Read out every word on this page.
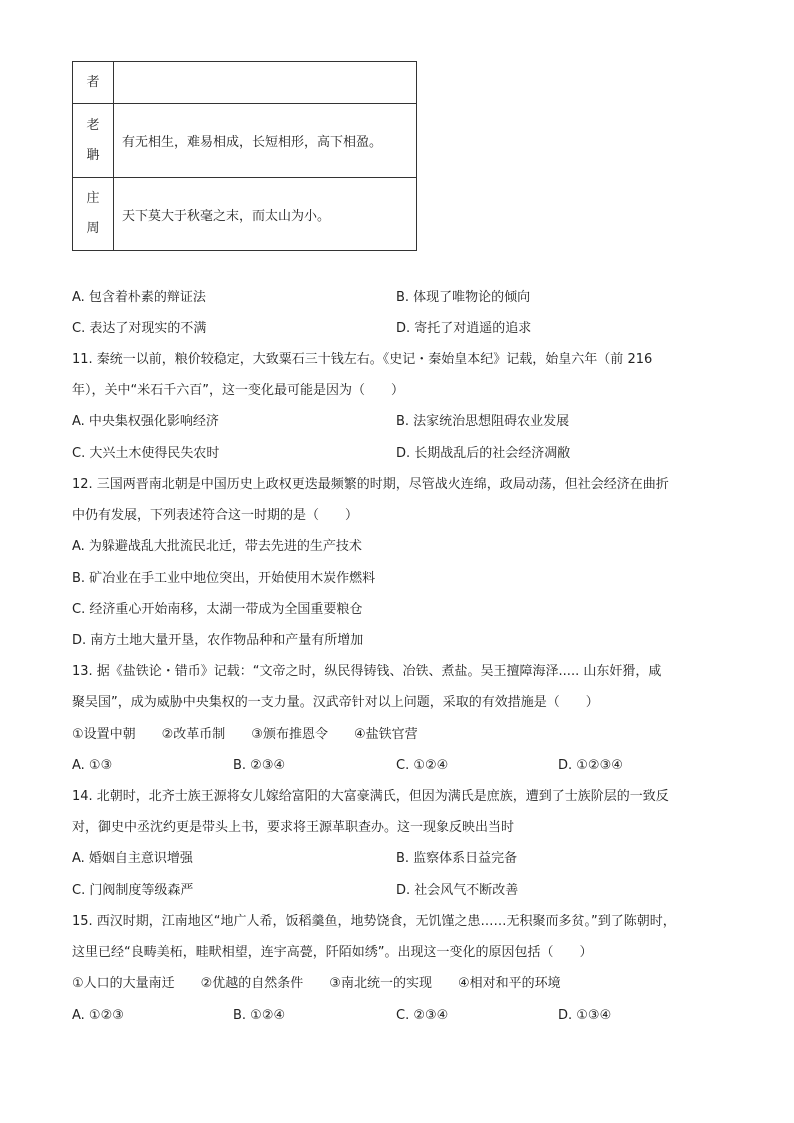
者	

老
聃	有无相生，难易相成，长短相形，高下相盈。

庄
周	天下莫大于秋毫之末，而太山为小。
A. 包含着朴素的辩证法	B. 体现了唯物论的倾向
C. 表达了对现实的不满	D. 寄托了对逍遥的追求
11. 秦统一以前，粮价较稳定，大致粟石三十钱左右。《史记・秦始皇本纪》记载，始皇六年（前 216
年），关中“米石千六百”，这一变化最可能是因为（　　）
A. 中央集权强化影响经济	B. 法家统治思想阻碍农业发展
C. 大兴土木使得民失农时	D. 长期战乱后的社会经济凋敝
12. 三国两晋南北朝是中国历史上政权更迭最频繁的时期，尽管战火连绵，政局动荡，但社会经济在曲折
中仍有发展，下列表述符合这一时期的是（　　）
A. 为躲避战乱大批流民北迁，带去先进的生产技术
B. 矿冶业在手工业中地位突出，开始使用木炭作燃料
C. 经济重心开始南移，太湖一带成为全国重要粮仓
D. 南方土地大量开垦，农作物品种和产量有所增加
13. 据《盐铁论・错币》记载：“文帝之时，纵民得铸钱、冶铁、煮盐。吴王擅障海泽..... 山东奸猾，咸
聚吴国”，成为威胁中央集权的一支力量。汉武帝针对以上问题，采取的有效措施是（　　）
①设置中朝　　②改革币制　　③颁布推恩令　　④盐铁官营
A. ①③	B. ②③④	C. ①②④	D. ①②③④
14. 北朝时，北齐士族王源将女儿嫁给富阳的大富豪满氏，但因为满氏是庶族，遭到了士族阶层的一致反
对，御史中丞沈约更是带头上书，要求将王源革职查办。这一现象反映出当时
A. 婚姻自主意识增强	B. 监察体系日益完备
C. 门阀制度等级森严	D. 社会风气不断改善
15. 西汉时期，江南地区“地广人希，饭稻羹鱼，地势饶食，无饥馑之患……无积聚而多贫。”到了陈朝时，
这里已经“良畴美柘，畦畎相望，连宇高甍，阡陌如绣”。出现这一变化的原因包括（　　）
①人口的大量南迁　　②优越的自然条件　　③南北统一的实现　　④相对和平的环境
A. ①②③	B. ①②④	C. ②③④	D. ①③④
